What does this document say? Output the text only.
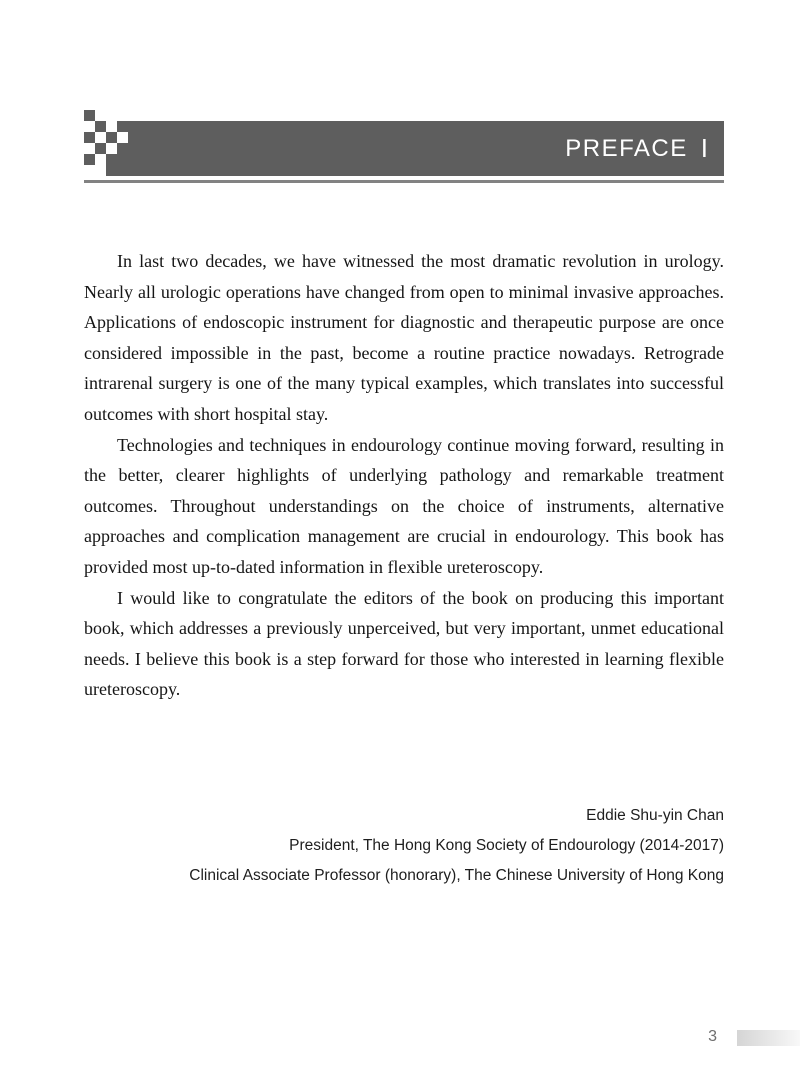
PREFACE I

In last two decades, we have witnessed the most dramatic revolution in urology. Nearly all urologic operations have changed from open to minimal invasive approaches. Applications of endoscopic instrument for diagnostic and therapeutic purpose are once considered impossible in the past, become a routine practice nowadays. Retrograde intrarenal surgery is one of the many typical examples, which translates into successful outcomes with short hospital stay.

Technologies and techniques in endourology continue moving forward, resulting in the better, clearer highlights of underlying pathology and remarkable treatment outcomes. Throughout understandings on the choice of instruments, alternative approaches and complication management are crucial in endourology. This book has provided most up-to-dated information in flexible ureteroscopy.

I would like to congratulate the editors of the book on producing this important book, which addresses a previously unperceived, but very important, unmet educational needs. I believe this book is a step forward for those who interested in learning flexible ureteroscopy.

Eddie Shu-yin Chan
President, The Hong Kong Society of Endourology (2014-2017)
Clinical Associate Professor (honorary), The Chinese University of Hong Kong
3
